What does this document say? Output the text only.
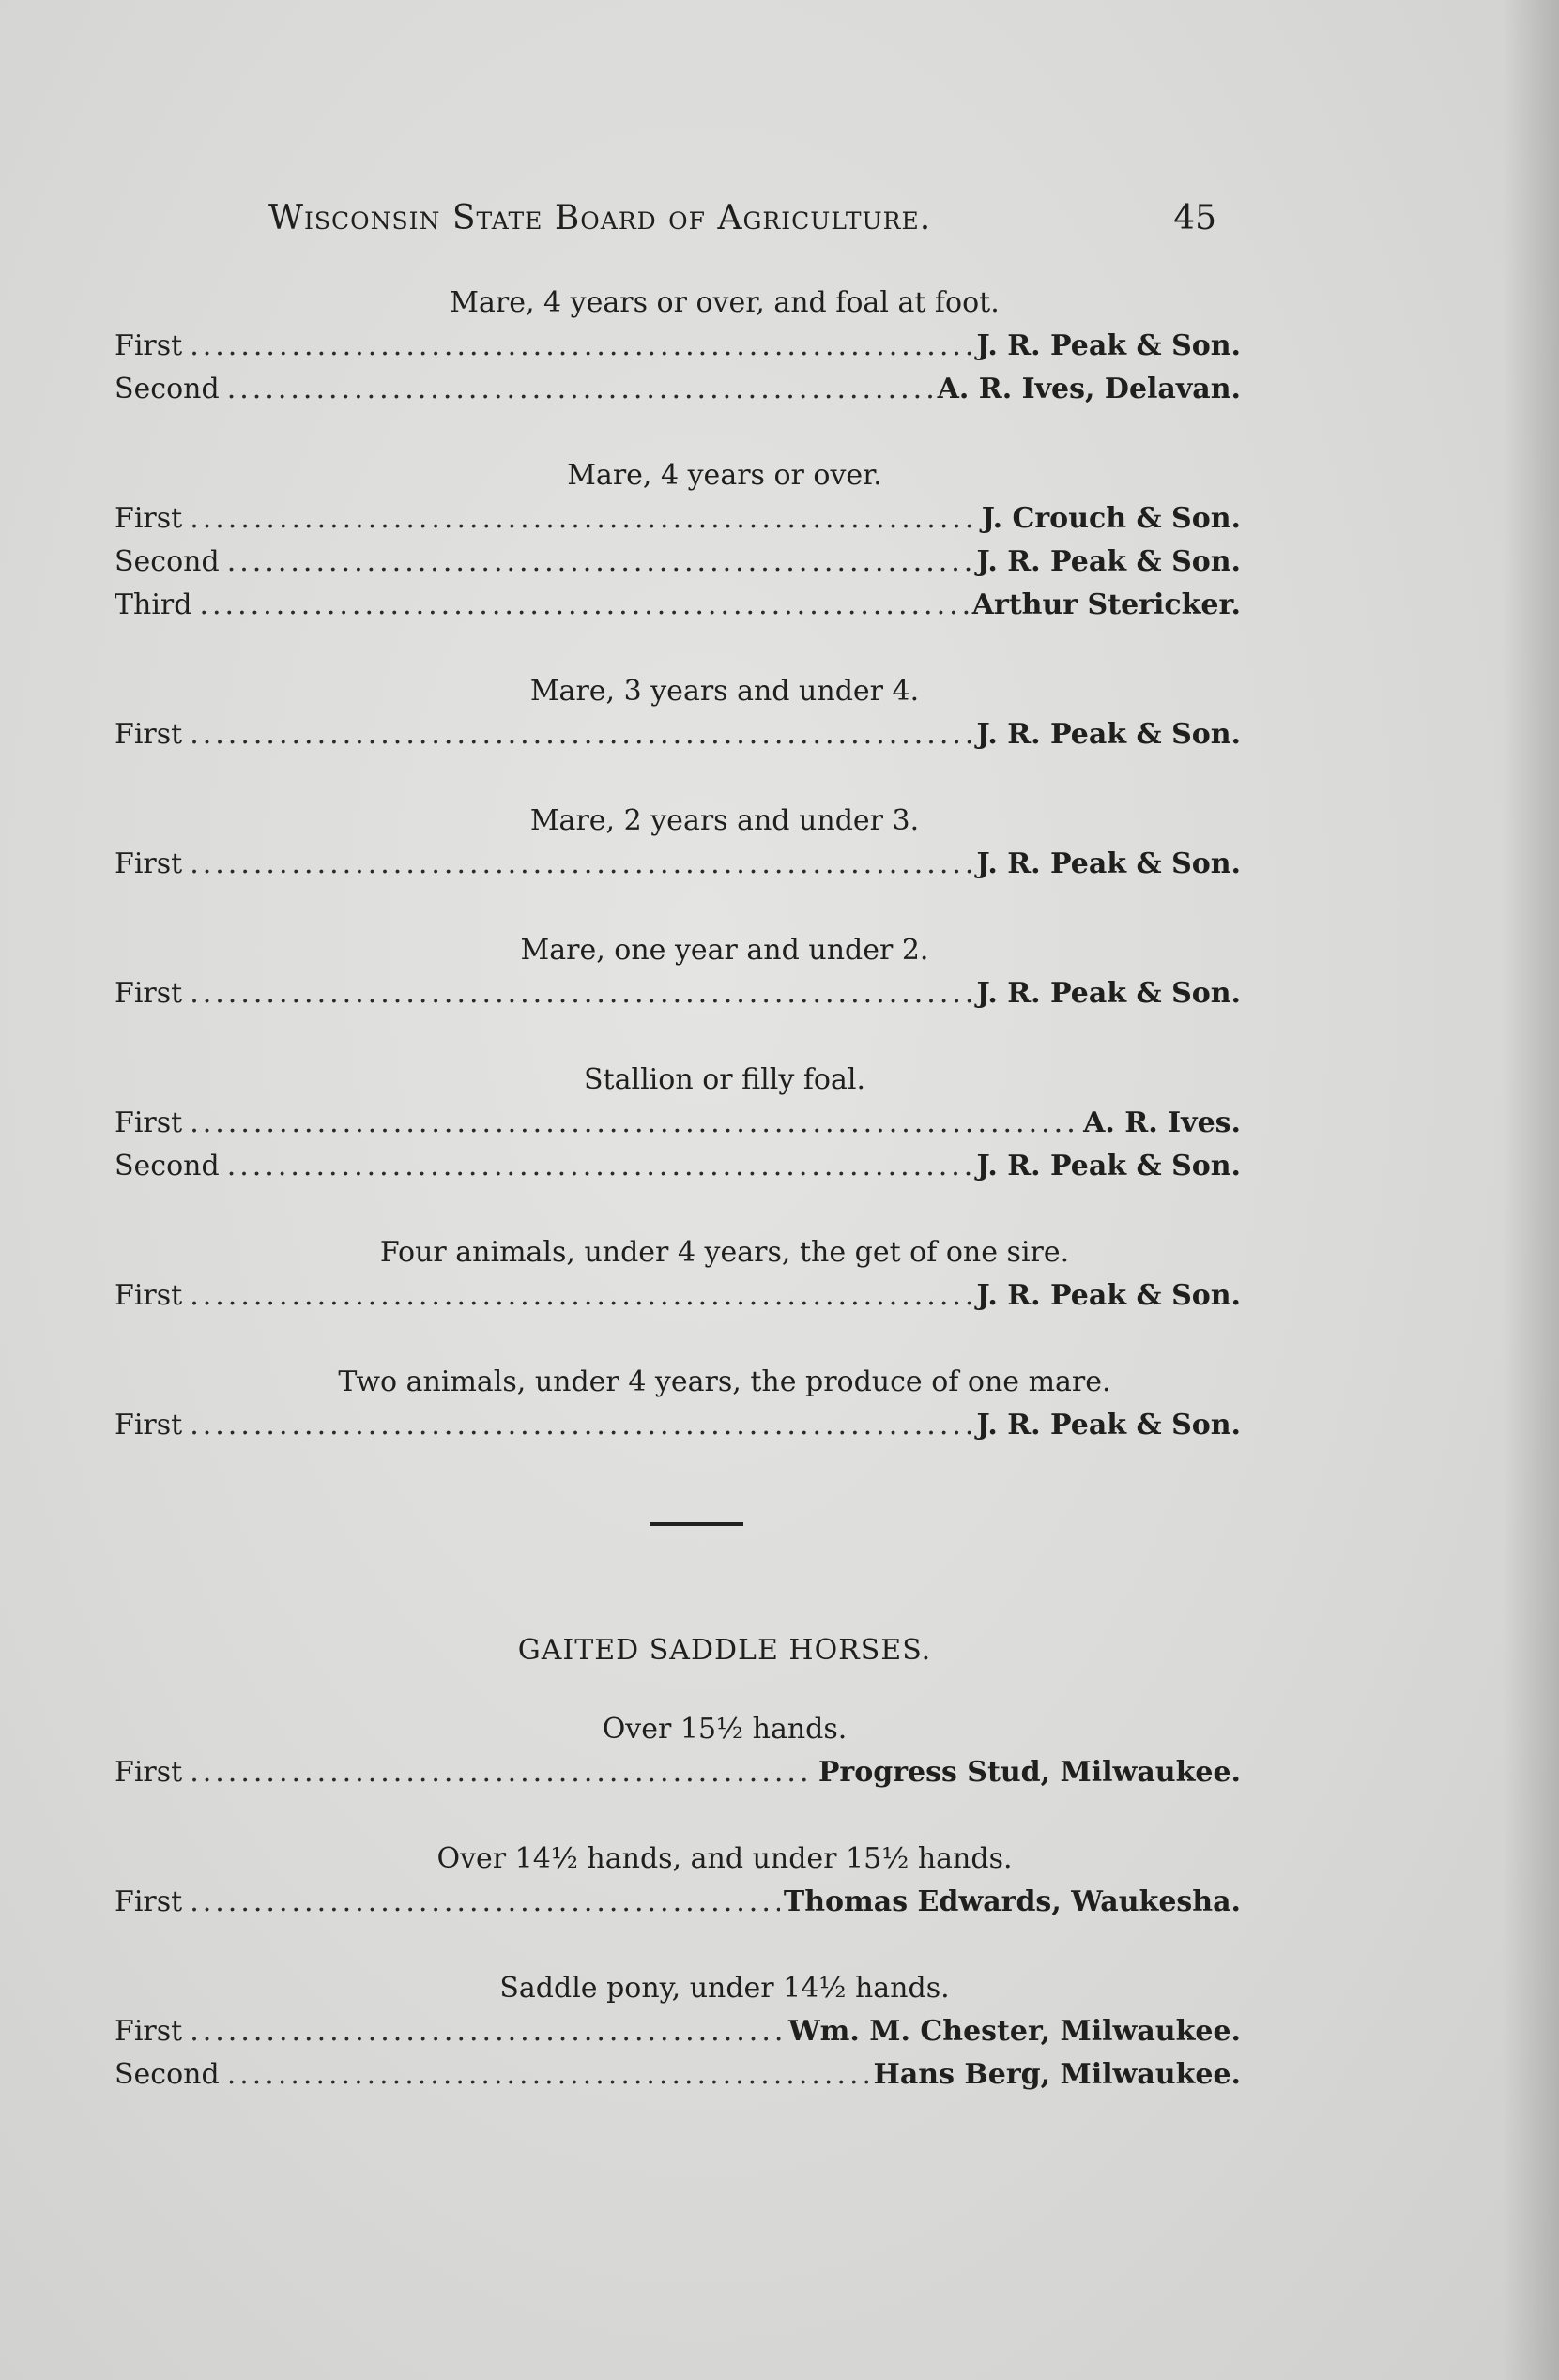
Wisconsin State Board of Agriculture.	45
Mare, 4 years or over, and foal at foot.
First .....	J. R. Peak & Son.
Second .....	A. R. Ives, Delavan.
Mare, 4 years or over.
First .....	J. Crouch & Son.
Second .....	J. R. Peak & Son.
Third .....	Arthur Stericker.
Mare, 3 years and under 4.
First .....	J. R. Peak & Son.
Mare, 2 years and under 3.
First .....	J. R. Peak & Son.
Mare, one year and under 2.
First .....	J. R. Peak & Son.
Stallion or filly foal.
First .....	A. R. Ives.
Second .....	J. R. Peak & Son.
Four animals, under 4 years, the get of one sire.
First .....	J. R. Peak & Son.
Two animals, under 4 years, the produce of one mare.
First .....	J. R. Peak & Son.
GAITED SADDLE HORSES.
Over 15½ hands.
First .....	Progress Stud, Milwaukee.
Over 14½ hands, and under 15½ hands.
First .....	Thomas Edwards, Waukesha.
Saddle pony, under 14½ hands.
First .....	Wm. M. Chester, Milwaukee.
Second .....	Hans Berg, Milwaukee.
